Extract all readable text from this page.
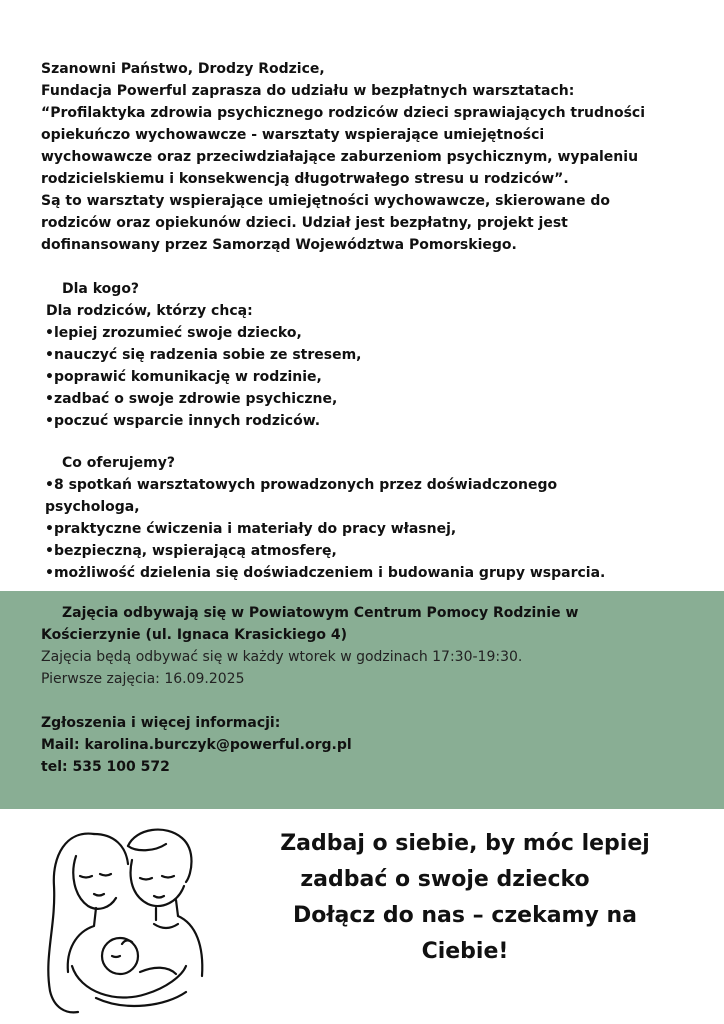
Szanowni Państwo, Drodzy Rodzice,

Fundacja Powerful zaprasza do udziału w bezpłatnych warsztatach:

“Profilaktyka zdrowia psychicznego rodziców dzieci sprawiających trudności

opiekuńczo wychowawcze - warsztaty wspierające umiejętności

wychowawcze oraz przeciwdziałające zaburzeniom psychicznym, wypaleniu

rodzicielskiemu i konsekwencją długotrwałego stresu u rodziców”.

Są to warsztaty wspierające umiejętności wychowawcze, skierowane do

rodziców oraz opiekunów dzieci. Udział jest bezpłatny, projekt jest

dofinansowany przez Samorząd Województwa Pomorskiego.

Dla kogo?
Dla rodziców, którzy chcą:
• lepiej zrozumieć swoje dziecko,
• nauczyć się radzenia sobie ze stresem,
• poprawić komunikację w rodzinie,
• zadbać o swoje zdrowie psychiczne,
• poczuć wsparcie innych rodziców.
Co oferujemy?
• 8 spotkań warsztatowych prowadzonych przez doświadczonego psychologa,
• praktyczne ćwiczenia i materiały do pracy własnej,
• bezpieczną, wspierającą atmosferę,
• możliwość dzielenia się doświadczeniem i budowania grupy wsparcia.
Zajęcia odbywają się w Powiatowym Centrum Pomocy Rodzinie w
Kościerzynie (ul. Ignaca Krasickiego 4)
Zajęcia będą odbywać się w każdy wtorek w godzinach 17:30-19:30.
Pierwsze zajęcia: 16.09.2025
Zgłoszenia i więcej informacji:
Mail: karolina.burczyk@powerful.org.pl
tel: 535 100 572
Zadbaj o siebie, by móc lepiej
zadbać o swoje dziecko
Dołącz do nas – czekamy na
Ciebie!
